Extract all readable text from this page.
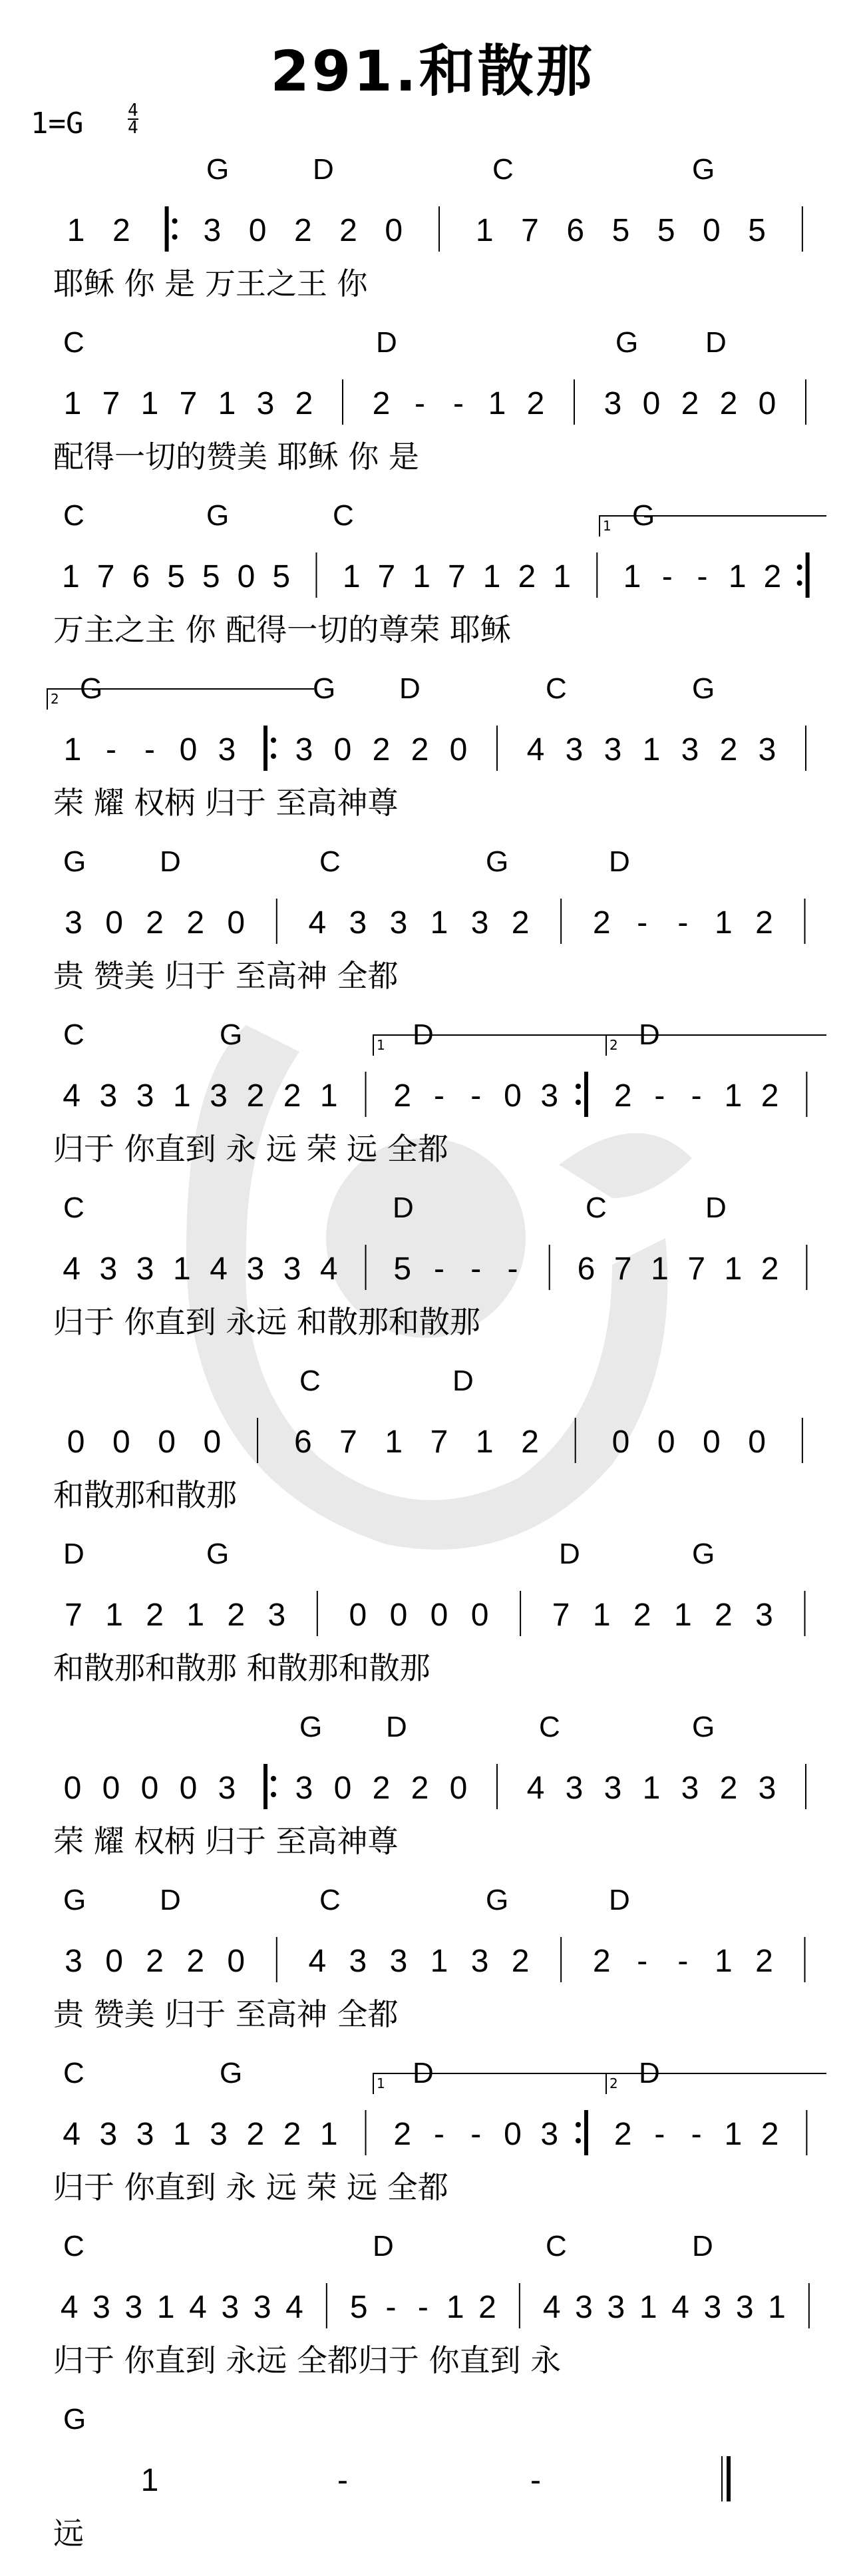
291.和散那
1=G	4
4
G	D	C	G
1 2 3 0 2 2 0 1 7 6 5 5 0 5
耶稣 你 是 万王之王 你
C	D	G D
1 7 1 7 1 3 2 2 - - 1 2 3 0 2 2 0
配得一切的赞美 耶稣 你 是
C	G	C	G
1
1 7 6 5 5 0 5 1 7 1 7 1 2 1 1 - - 1 2
万主之主 你 配得一切的尊荣 耶稣
G	G D	C	G
2
1 - - 0 3 3 0 2 2 0 4 3 3 1 3 2 3
荣 耀 权柄 归于 至高神尊
G	D	C	G	D
3 0 2 2 0 4 3 3 1 3 2 2 - - 1 2
贵 赞美 归于 至高神 全都
C	G	D	D
1	2
4 3 3 1 3 2 2 1 2 - - 0 3 2 - - 1 2
归于 你直到 永 远 荣 远 全都
C	D	C	D
4 3 3 1 4 3 3 4 5 - - - 6 7 1 7 1 2
归于 你直到 永远 和散那和散那
C	D
0 0 0 0 6 7 1 7 1 2 0 0 0 0
和散那和散那
D	G	D	G
7 1 2 1 2 3 0 0 0 0 7 1 2 1 2 3
和散那和散那 和散那和散那
G D	C	G
0 0 0 0 3 3 0 2 2 0 4 3 3 1 3 2 3
荣 耀 权柄 归于 至高神尊
G	D	C	G	D
3 0 2 2 0 4 3 3 1 3 2 2 - - 1 2
贵 赞美 归于 至高神 全都
C	G	D	D
1	2
4 3 3 1 3 2 2 1 2 - - 0 3 2 - - 1 2
归于 你直到 永 远 荣 远 全都
C	D	C	D
4 3 3 1 4 3 3 4 5 - - 1 2 4 3 3 1 4 3 3 1
归于 你直到 永远 全都归于 你直到 永
G
1	-	-
远
